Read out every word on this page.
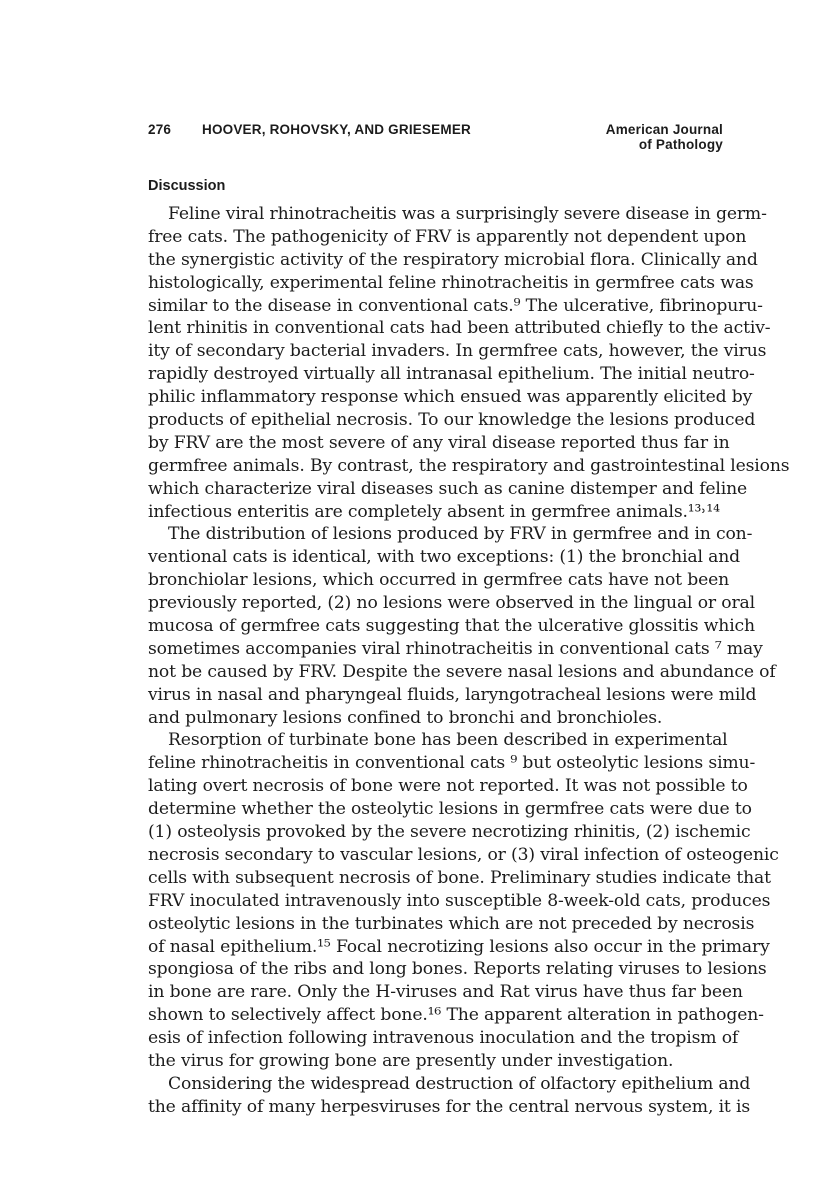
276 HOOVER, ROHOVSKY, AND GRIESEMER	American Journal
of Pathology
Discussion
Feline viral rhinotracheitis was a surprisingly severe disease in germ-
free cats. The pathogenicity of FRV is apparently not dependent upon
the synergistic activity of the respiratory microbial flora. Clinically and
histologically, experimental feline rhinotracheitis in germfree cats was
similar to the disease in conventional cats.⁹ The ulcerative, fibrinopuru-
lent rhinitis in conventional cats had been attributed chiefly to the activ-
ity of secondary bacterial invaders. In germfree cats, however, the virus
rapidly destroyed virtually all intranasal epithelium. The initial neutro-
philic inflammatory response which ensued was apparently elicited by
products of epithelial necrosis. To our knowledge the lesions produced
by FRV are the most severe of any viral disease reported thus far in
germfree animals. By contrast, the respiratory and gastrointestinal lesions
which characterize viral diseases such as canine distemper and feline
infectious enteritis are completely absent in germfree animals.¹³˒¹⁴
The distribution of lesions produced by FRV in germfree and in con-
ventional cats is identical, with two exceptions: (1) the bronchial and
bronchiolar lesions, which occurred in germfree cats have not been
previously reported, (2) no lesions were observed in the lingual or oral
mucosa of germfree cats suggesting that the ulcerative glossitis which
sometimes accompanies viral rhinotracheitis in conventional cats ⁷ may
not be caused by FRV. Despite the severe nasal lesions and abundance of
virus in nasal and pharyngeal fluids, laryngotracheal lesions were mild
and pulmonary lesions confined to bronchi and bronchioles.
Resorption of turbinate bone has been described in experimental
feline rhinotracheitis in conventional cats ⁹ but osteolytic lesions simu-
lating overt necrosis of bone were not reported. It was not possible to
determine whether the osteolytic lesions in germfree cats were due to
(1) osteolysis provoked by the severe necrotizing rhinitis, (2) ischemic
necrosis secondary to vascular lesions, or (3) viral infection of osteogenic
cells with subsequent necrosis of bone. Preliminary studies indicate that
FRV inoculated intravenously into susceptible 8-week-old cats, produces
osteolytic lesions in the turbinates which are not preceded by necrosis
of nasal epithelium.¹⁵ Focal necrotizing lesions also occur in the primary
spongiosa of the ribs and long bones. Reports relating viruses to lesions
in bone are rare. Only the H-viruses and Rat virus have thus far been
shown to selectively affect bone.¹⁶ The apparent alteration in pathogen-
esis of infection following intravenous inoculation and the tropism of
the virus for growing bone are presently under investigation.
Considering the widespread destruction of olfactory epithelium and
the affinity of many herpesviruses for the central nervous system, it is
